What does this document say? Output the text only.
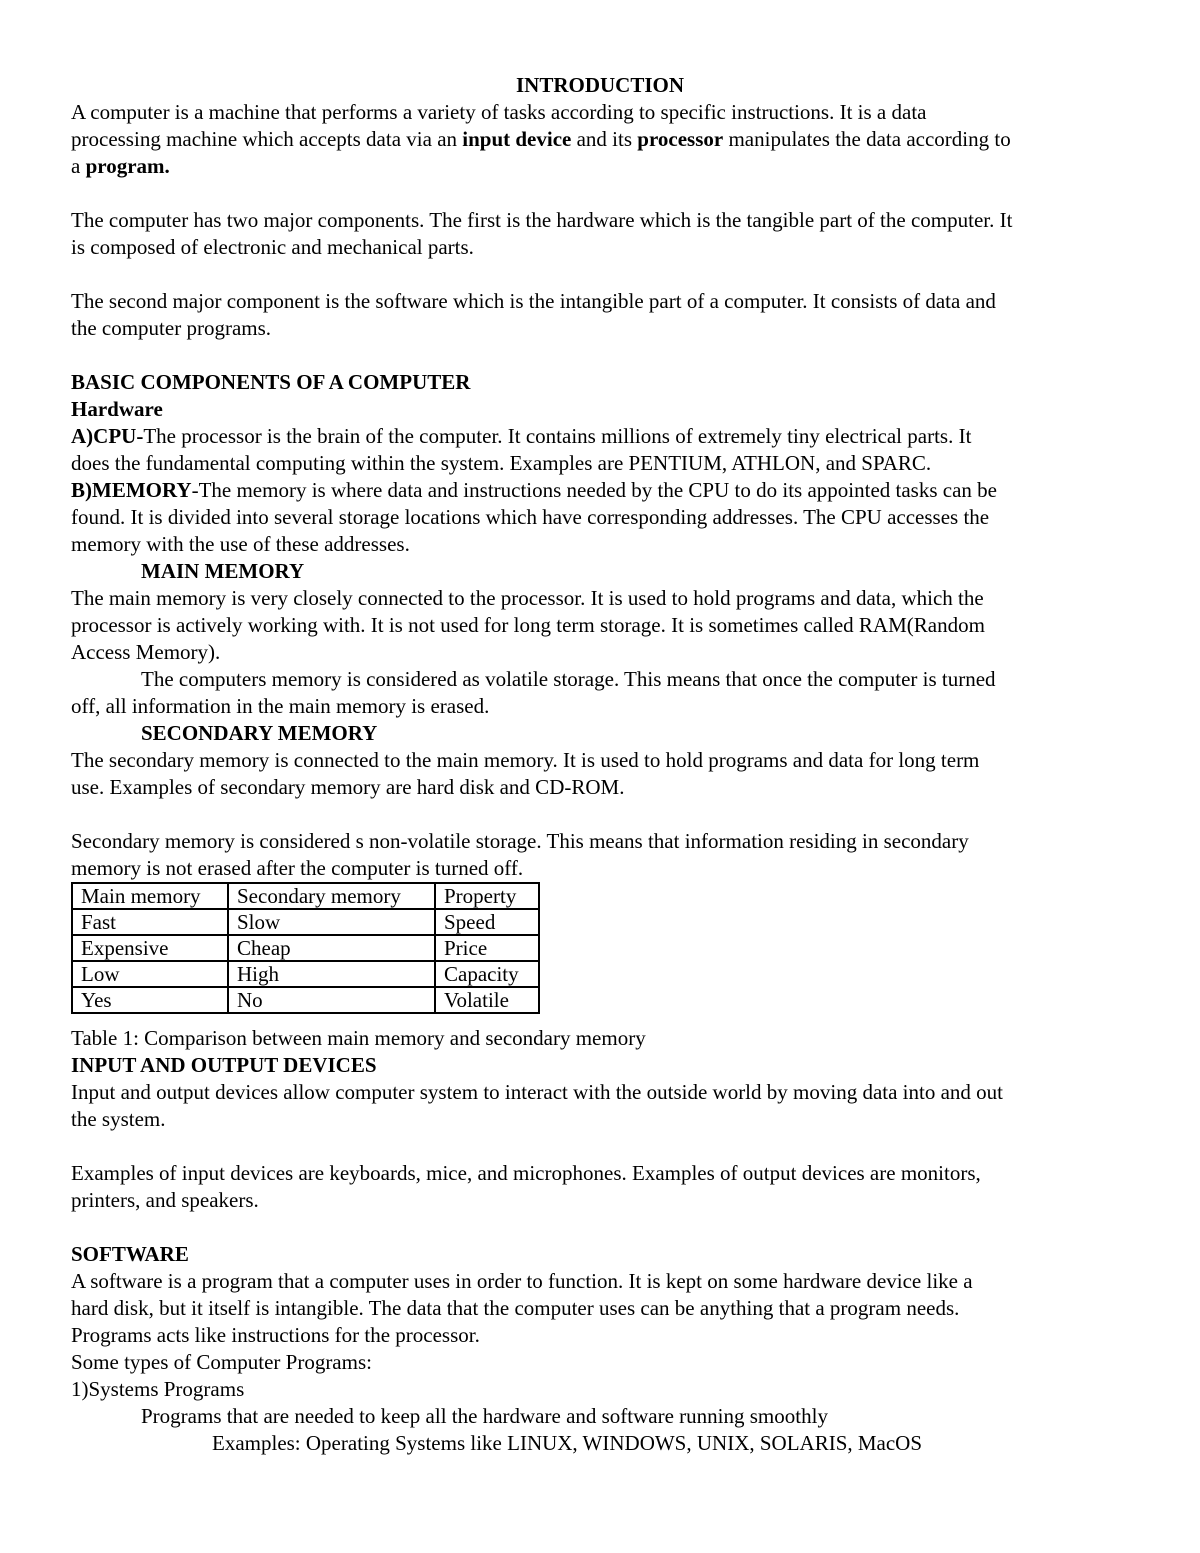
INTRODUCTION
A computer is a machine that performs a variety of tasks according to specific instructions. It is a data
processing machine which accepts data via an input device and its processor manipulates the data according to
a program.
The computer has two major components. The first is the hardware which is the tangible part of the computer. It
is composed of electronic and mechanical parts.
The second major component is the software which is the intangible part of a computer. It consists of data and
the computer programs.
BASIC COMPONENTS OF A COMPUTER
Hardware
A)CPU-The processor is the brain of the computer. It contains millions of extremely tiny electrical parts. It
does the fundamental computing within the system. Examples are PENTIUM, ATHLON, and SPARC.
B)MEMORY-The memory is where data and instructions needed by the CPU to do its appointed tasks can be
found. It is divided into several storage locations which have corresponding addresses. The CPU accesses the
memory with the use of these addresses.
MAIN MEMORY
The main memory is very closely connected to the processor. It is used to hold programs and data, which the
processor is actively working with. It is not used for long term storage. It is sometimes called RAM(Random
Access Memory).
The computers memory is considered as volatile storage. This means that once the computer is turned
off, all information in the main memory is erased.
SECONDARY MEMORY
The secondary memory is connected to the main memory. It is used to hold programs and data for long term
use. Examples of secondary memory are hard disk and CD-ROM.
Secondary memory is considered s non-volatile storage. This means that information residing in secondary
memory is not erased after the computer is turned off.
Main memory	Secondary memory	Property
Fast	Slow	Speed
Expensive	Cheap	Price
Low	High	Capacity
Yes	No	Volatile
Table 1: Comparison between main memory and secondary memory
INPUT AND OUTPUT DEVICES
Input and output devices allow computer system to interact with the outside world by moving data into and out
the system.
Examples of input devices are keyboards, mice, and microphones. Examples of output devices are monitors,
printers, and speakers.
SOFTWARE
A software is a program that a computer uses in order to function. It is kept on some hardware device like a
hard disk, but it itself is intangible. The data that the computer uses can be anything that a program needs.
Programs acts like instructions for the processor.
Some types of Computer Programs:
1)Systems Programs
Programs that are needed to keep all the hardware and software running smoothly
Examples: Operating Systems like LINUX, WINDOWS, UNIX, SOLARIS, MacOS
